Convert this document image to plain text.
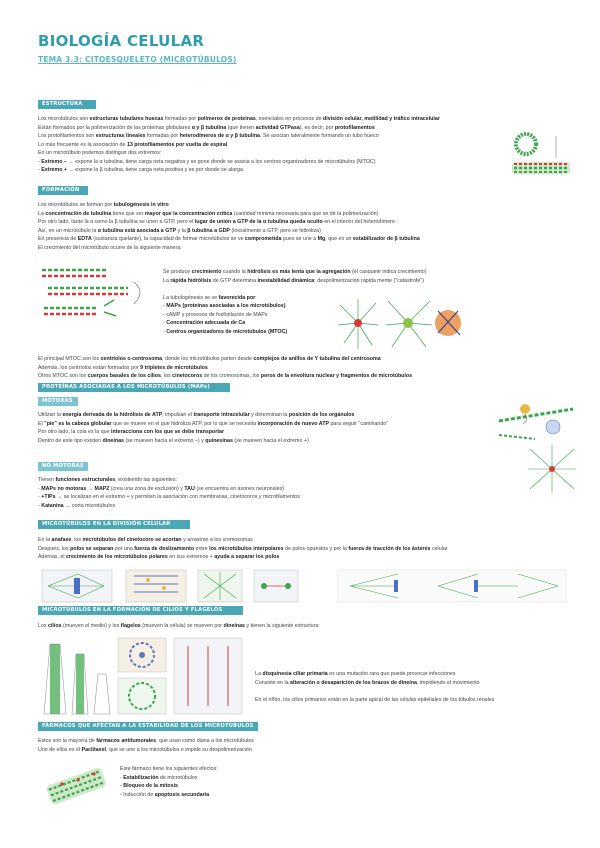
BIOLOGÍA CELULAR
TEMA 3.3: CITOESQUELETO (MICROTÚBULOS)
ESTRUCTURA
Los microtúbulos son estructuras tubulares huecas formadas por polímeros de proteínas, esenciales en procesos de división celular, motilidad y tráfico intracelular
Están formados por la polimerización de las proteínas globulares α y β tubulina (que tienen actividad GTPasa), es decir, por protofilamentos
Los protofilamentos son estructuras lineales formadas por heterodímeros de α y β tubulina. Se asocian lateralmente formando un tubo hueco
Lo más frecuente es la asociación de 13 protofilamentos por vuelta de espiral
En un microtúbulo podemos distinguir dos extremos:
- Extremo – → expone la α tubulina, tiene carga neta negativa y se pone donde se asocia a los centros organizadores de microtúbulos (MTOC)
- Extremo + → expone la β tubulina, tiene carga neta positiva y es por donde se alarga
FORMACIÓN
Los microtúbulos se forman por tubulogénesis in vitro
La concentración de tubulina tiene que ser mayor que la concentración crítica (cantidad mínima necesaria para que se dé la polimerización)
Por otro lado, tanto la α como la β tubulina se unen a GTP, pero el lugar de unión a GTP de la α tubulina queda oculto en el interior del heterodímero
Así, en un microtúbulo la α tubulina está asociada a GTP y la β tubulina a GDP (inicialmente a GTP, pero se hidroliza)
En presencia de EDTA (sustancia quelante), la capacidad de formar microtúbulos se ve comprometida pues se une a Mg, que es un estabilizador de β tubulina
El crecimiento del microtúbulo ocurre de la siguiente manera:
Se produce crecimiento cuando la hidrólisis es más lenta que la agregación (el casquete indica crecimiento)
La rápida hidrólisis de GTP determina inestabilidad dinámica: despolimerización rápida mente ("catástrofe")

La tubulogénesis se ve favorecida por:
- MAPs (proteínas asociadas a los microtúbulos)
- cAMP y procesos de fosforilación de MAPs
- Concentración adecuada de Ca
- Centros organizadores de microtúbulos (MTOC)
El principal MTOC son los centríolos o centrosoma, donde los microtúbulos parten desde complejos de anillos de Y tubulina del centrosoma
Además, los centríolos están formados por 9 tripletes de microtúbulos
Otros MTOC son los cuerpos basales de los cilios, los cinetocoros de los cromosomas, los poros de la envoltura nuclear y fragmentos de microtúbulos
PROTEÍNAS ASOCIADAS A LOS MICROTÚBULOS (MAPs)
MOTORAS
Utilizan la energía derivada de la hidrólisis de ATP, impulsan el transporte intracelular y determinan la posición de los orgánulos
El "pie" es la cabeza globular que se mueve en el que hidroliza ATP, por lo que se necesita incorporación de nuevo ATP para seguir "caminando"
Por otro lado, la cola es la que interacciona con los que se debe transportar
Dentro de este tipo existen dineínas (se mueven hacia el extremo –) y quinesinas (se mueven hacia el extremo +)
NO MOTORAS
Tienen funciones estructurales, existiendo las siguientes:
- MAPs no motoras → MAP2 (crea una zona de exclusión) y TAU (se encuentra en axones neuronales)
- +TIPs → se localizan en el extremo + y permiten la asociación con membranas, cinetocoros y microfilamentos
- Katanina → corta microtúbulos
MICROTÚBULOS EN LA DIVISIÓN CELULAR
En la anafase, los microtúbulos del cinetocoro se acortan y arrastran a los cromosomas
Después, los polos se separan por una fuerza de deslizamiento entre los microtúbulos interpolares de polos opuestos y por la fuerza de tracción de los ásteres celular
Además, el crecimiento de los microtúbulos polares en sus extremos + ayuda a separar los polos
MICROTÚBULOS EN LA FORMACIÓN DE CILIOS Y FLAGELOS
Los cilios (mueven el medio) y los flagelos (mueven la célula) se mueven por dineínas y tienen la siguiente estructura:
La disquinesia ciliar primaria es una mutación rara que puede provocar infecciones
Consiste en la alteración o desaparición de los brazos de dineína, impidiendo el movimiento

En el riñón, los cilios primarios están en la parte apical de las células epiteliales de los túbulos renales
FÁRMACOS QUE AFECTAN A LA ESTABILIDAD DE LOS MICROTÚBULOS
Estos son la mayoría de fármacos antitumorales, que usan como diana a los microtúbulos
Uno de ellos es el Paclitaxel, que se une a los microtúbulos e impide su despolimerización
Este fármaco tiene los siguientes efectos:
- Estabilización de microtúbulos
- Bloqueo de la mitosis
- Inducción de apoptosis secundaria
